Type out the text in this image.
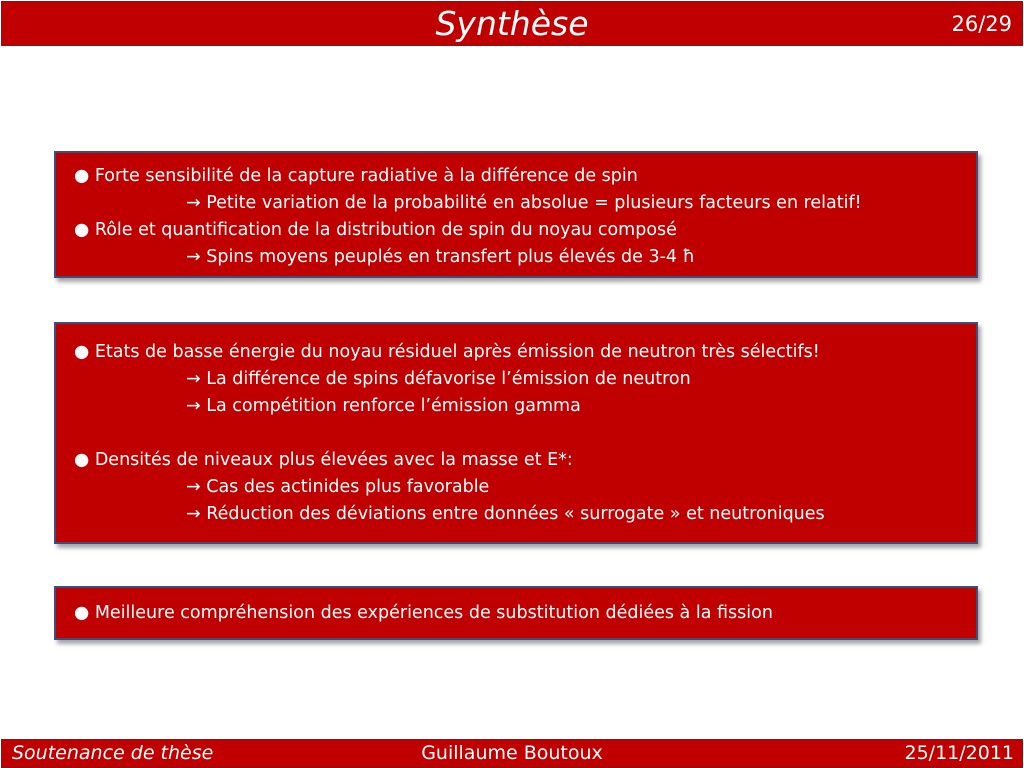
Synthèse	26/29
● Forte sensibilité de la capture radiative à la différence de spin
→ Petite variation de la probabilité en absolue = plusieurs facteurs en relatif!
● Rôle et quantification de la distribution de spin du noyau composé
→ Spins moyens peuplés en transfert plus élevés de 3-4 ħ
● Etats de basse énergie du noyau résiduel après émission de neutron très sélectifs!
→ La différence de spins défavorise l’émission de neutron
→ La compétition renforce l’émission gamma
● Densités de niveaux plus élevées avec la masse et E*:
→ Cas des actinides plus favorable
→ Réduction des déviations entre données « surrogate » et neutroniques
● Meilleure compréhension des expériences de substitution dédiées à la fission
Soutenance de thèse	Guillaume Boutoux	25/11/2011
